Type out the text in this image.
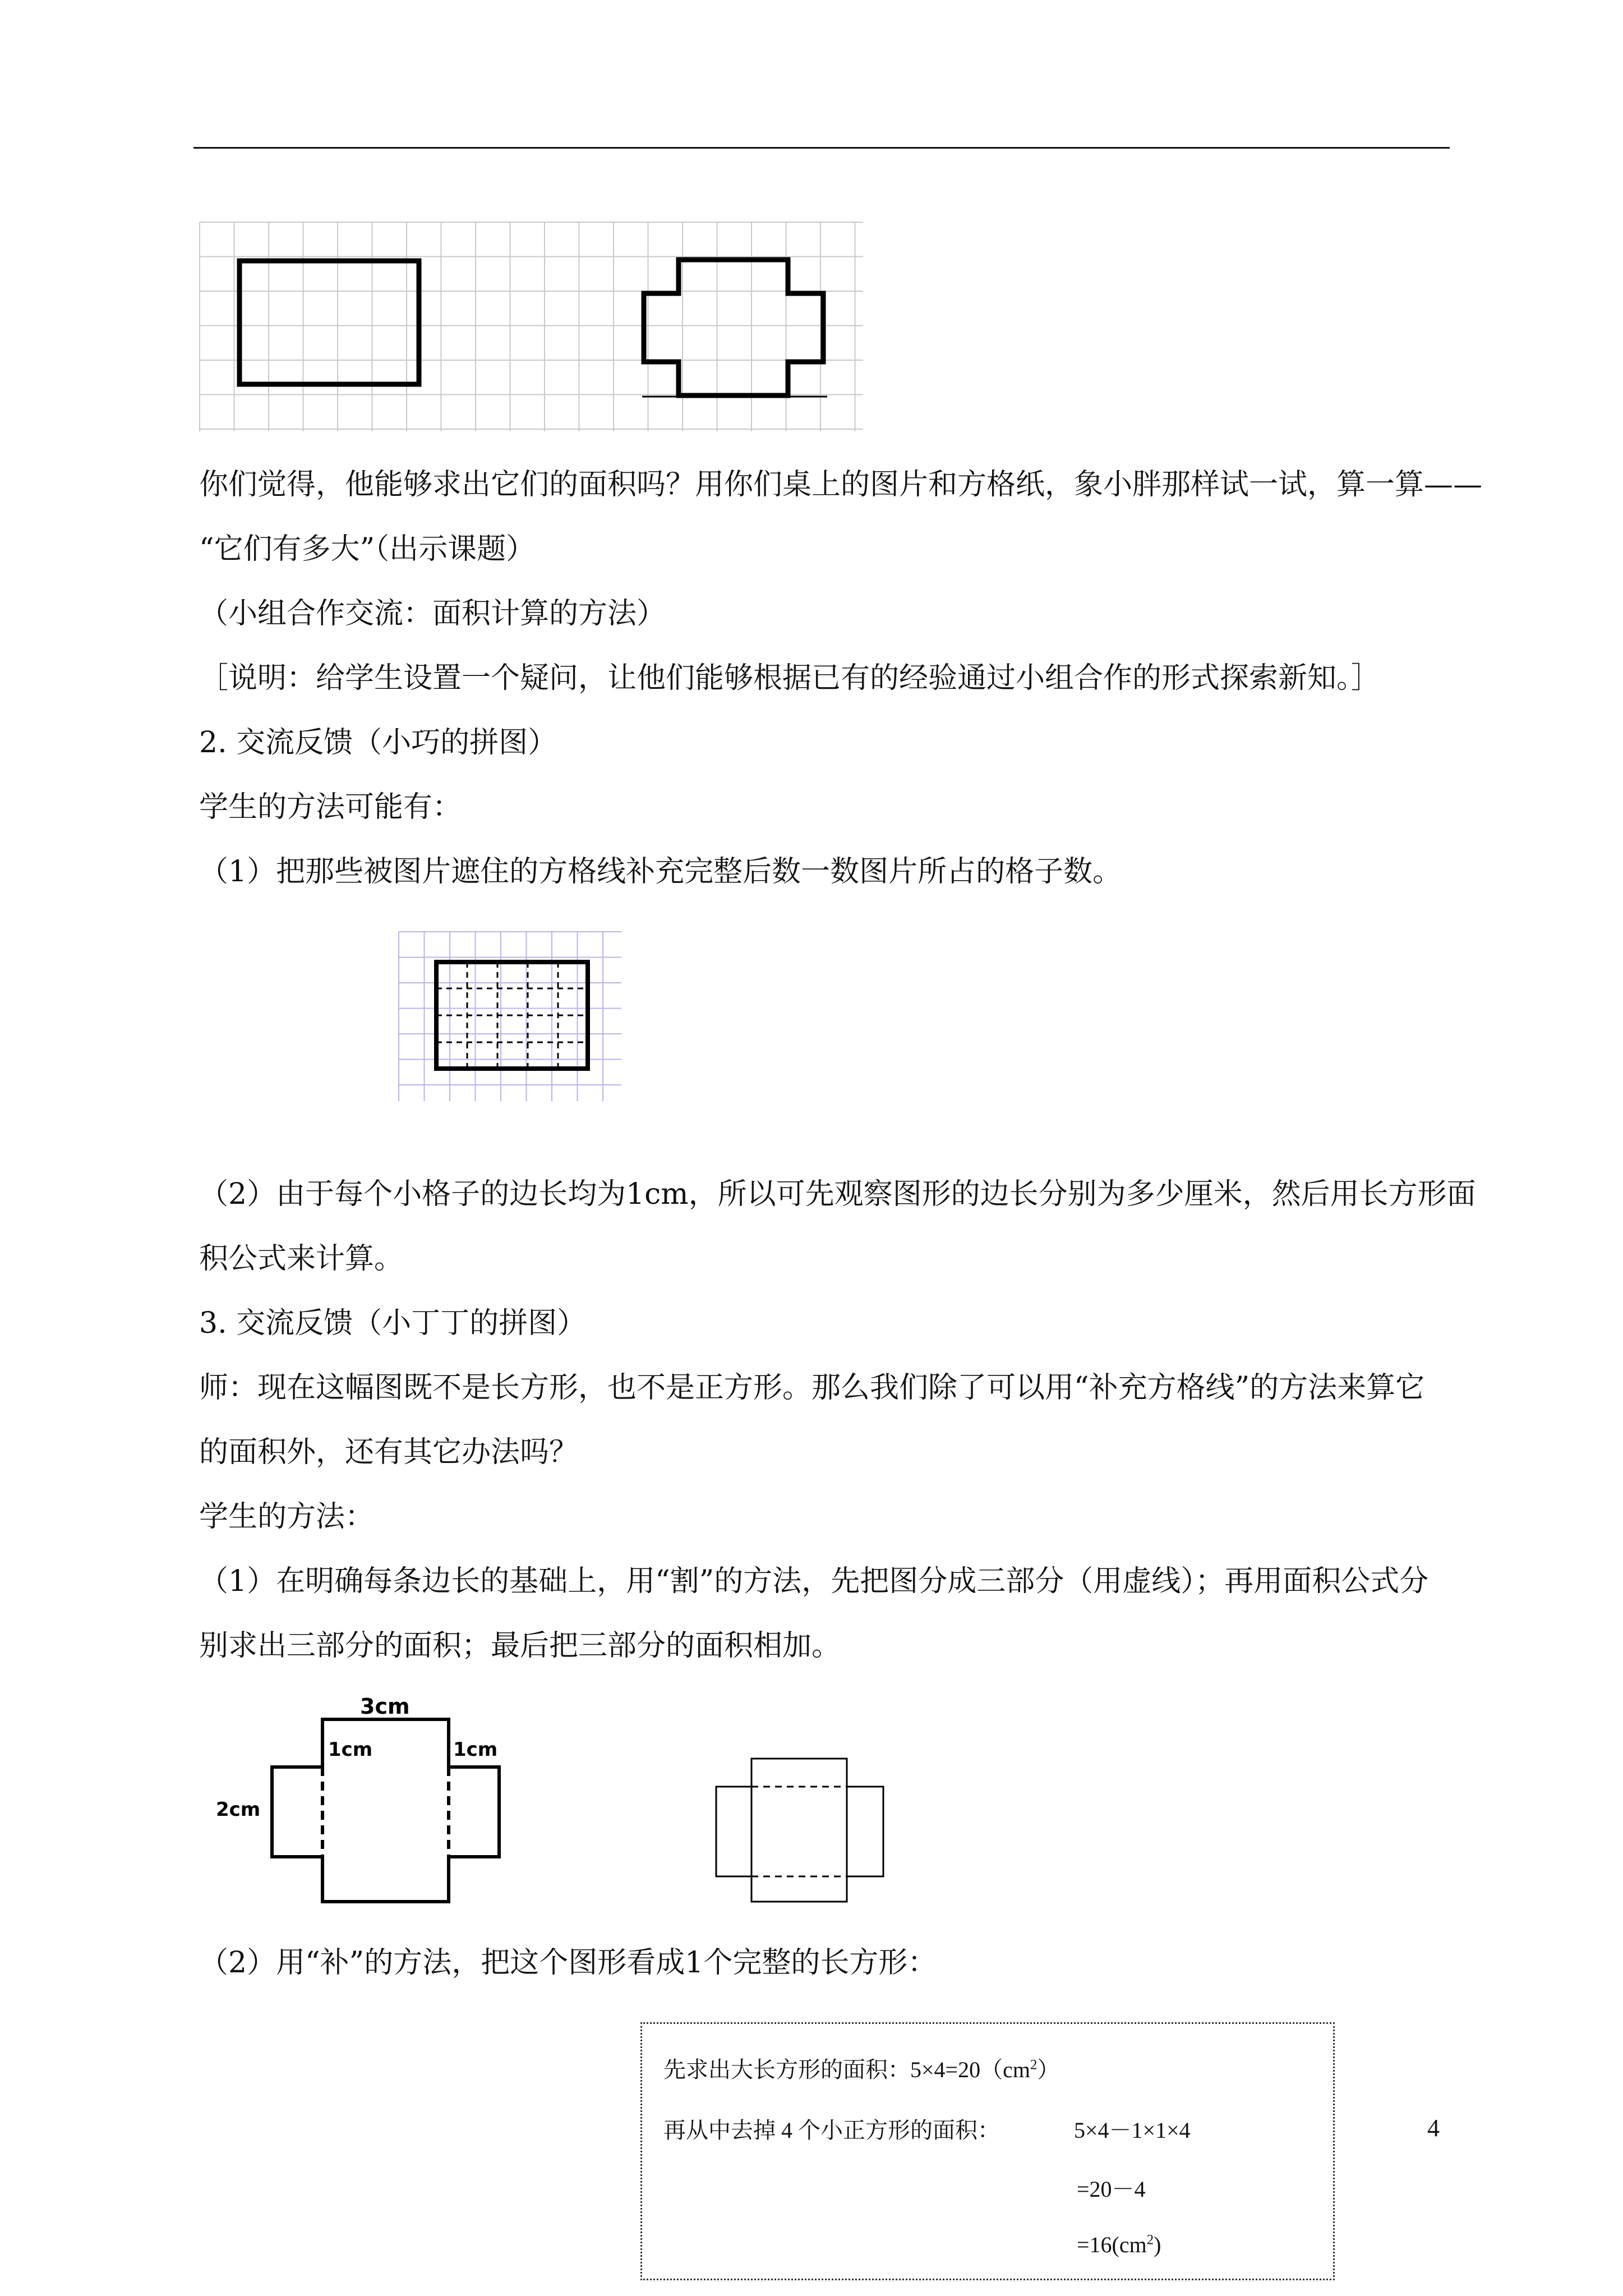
你们觉得，他能够求出它们的面积吗？用你们桌上的图片和方格纸，象小胖那样试一试，算一算——
“它们有多大”（出示课题）
（小组合作交流：面积计算的方法）
［说明：给学生设置一个疑问，让他们能够根据已有的经验通过小组合作的形式探索新知。］
2. 交流反馈（小巧的拼图）
学生的方法可能有：
（1）把那些被图片遮住的方格线补充完整后数一数图片所占的格子数。
（2）由于每个小格子的边长均为1cm，所以可先观察图形的边长分别为多少厘米，然后用长方形面
积公式来计算。
3. 交流反馈（小丁丁的拼图）
师：现在这幅图既不是长方形，也不是正方形。那么我们除了可以用“补充方格线”的方法来算它
的面积外，还有其它办法吗？
学生的方法：
（1）在明确每条边长的基础上，用“割”的方法，先把图分成三部分（用虚线）；再用面积公式分
别求出三部分的面积；最后把三部分的面积相加。
3cm
1cm	1cm
2cm
（2）用“补”的方法，把这个图形看成1个完整的长方形：
先求出大长方形的面积：$5\times 4=20(cm^2)$
再从中去掉 4 个小正方形的面积：	5×4－1×1×4
=20－4
$=16(cm^2)$
4
